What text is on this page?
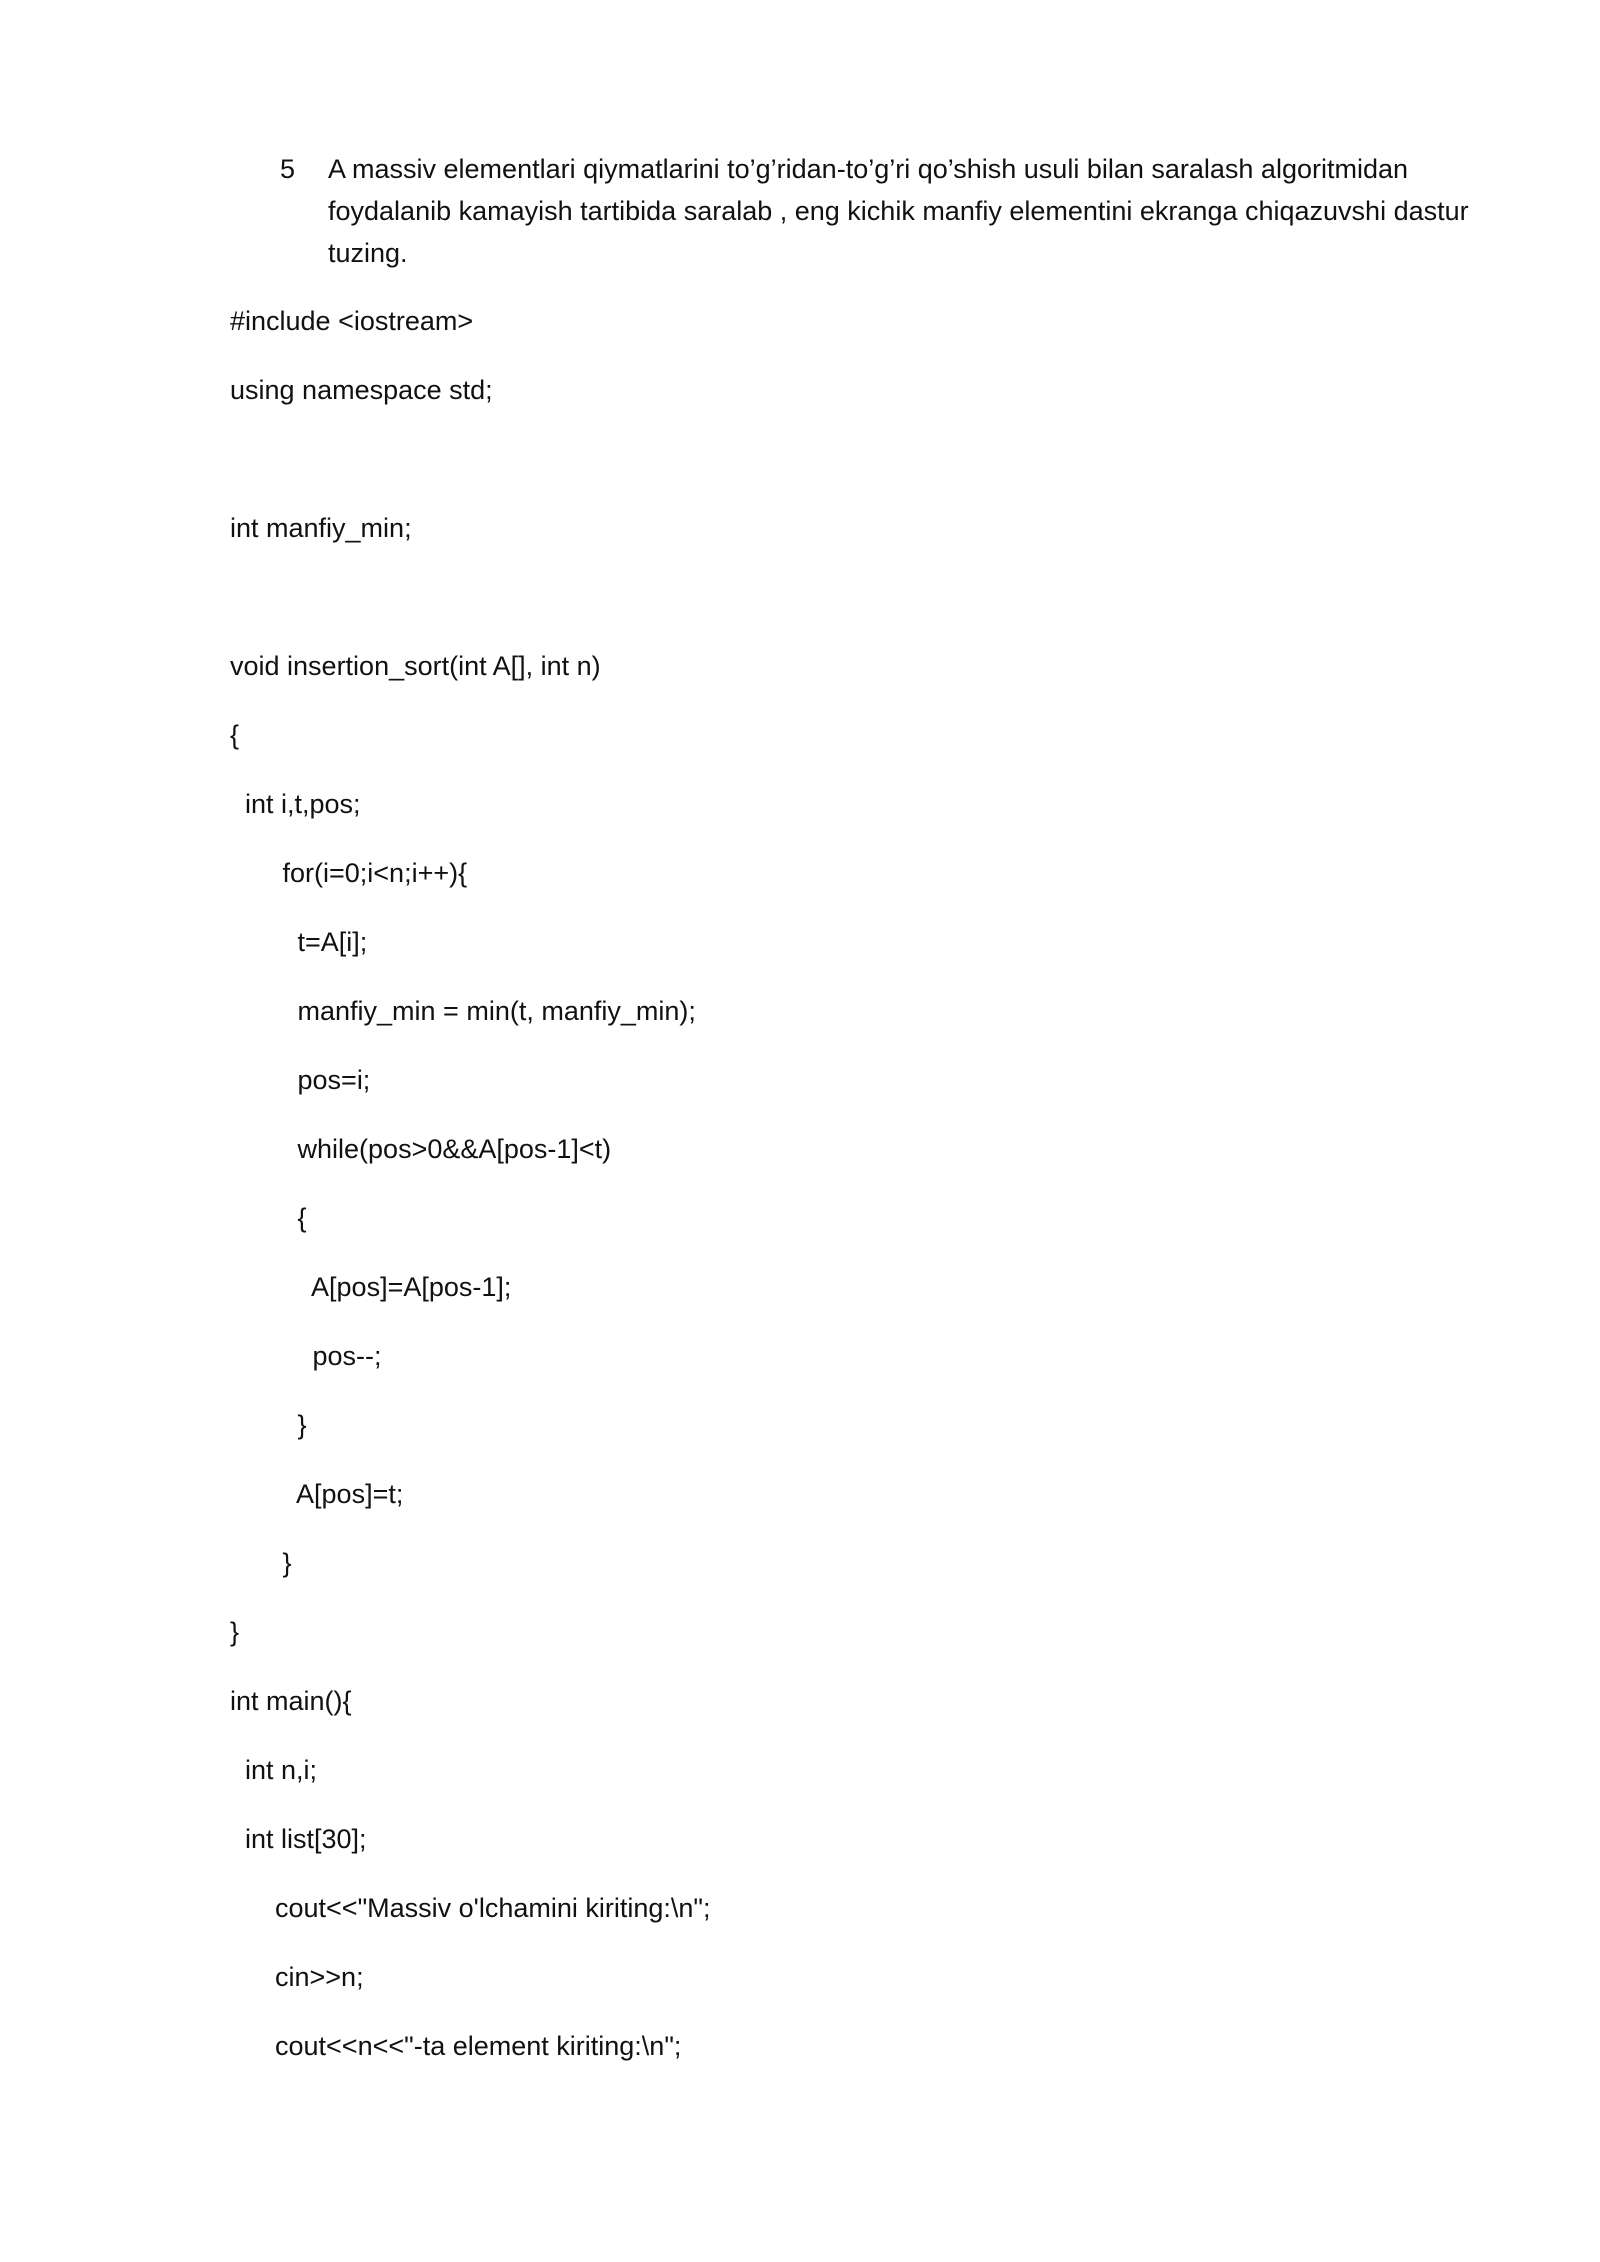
5	A massiv elementlari qiymatlarini to’g’ridan-to’g’ri qo’shish usuli bilan saralash algoritmidan foydalanib kamayish tartibida saralab , eng kichik manfiy elementini ekranga chiqazuvshi dastur tuzing.
#include <iostream>
using namespace std;
int manfiy_min;
void insertion_sort(int A[], int n)
{
int i,t,pos;
for(i=0;i<n;i++){
t=A[i];
manfiy_min = min(t, manfiy_min);
pos=i;
while(pos>0&&A[pos-1]<t)
{
A[pos]=A[pos-1];
pos--;
}
A[pos]=t;
}
}
int main(){
int n,i;
int list[30];
cout<<"Massiv o'lchamini kiriting:\n";
cin>>n;
cout<<n<<"-ta element kiriting:\n";
